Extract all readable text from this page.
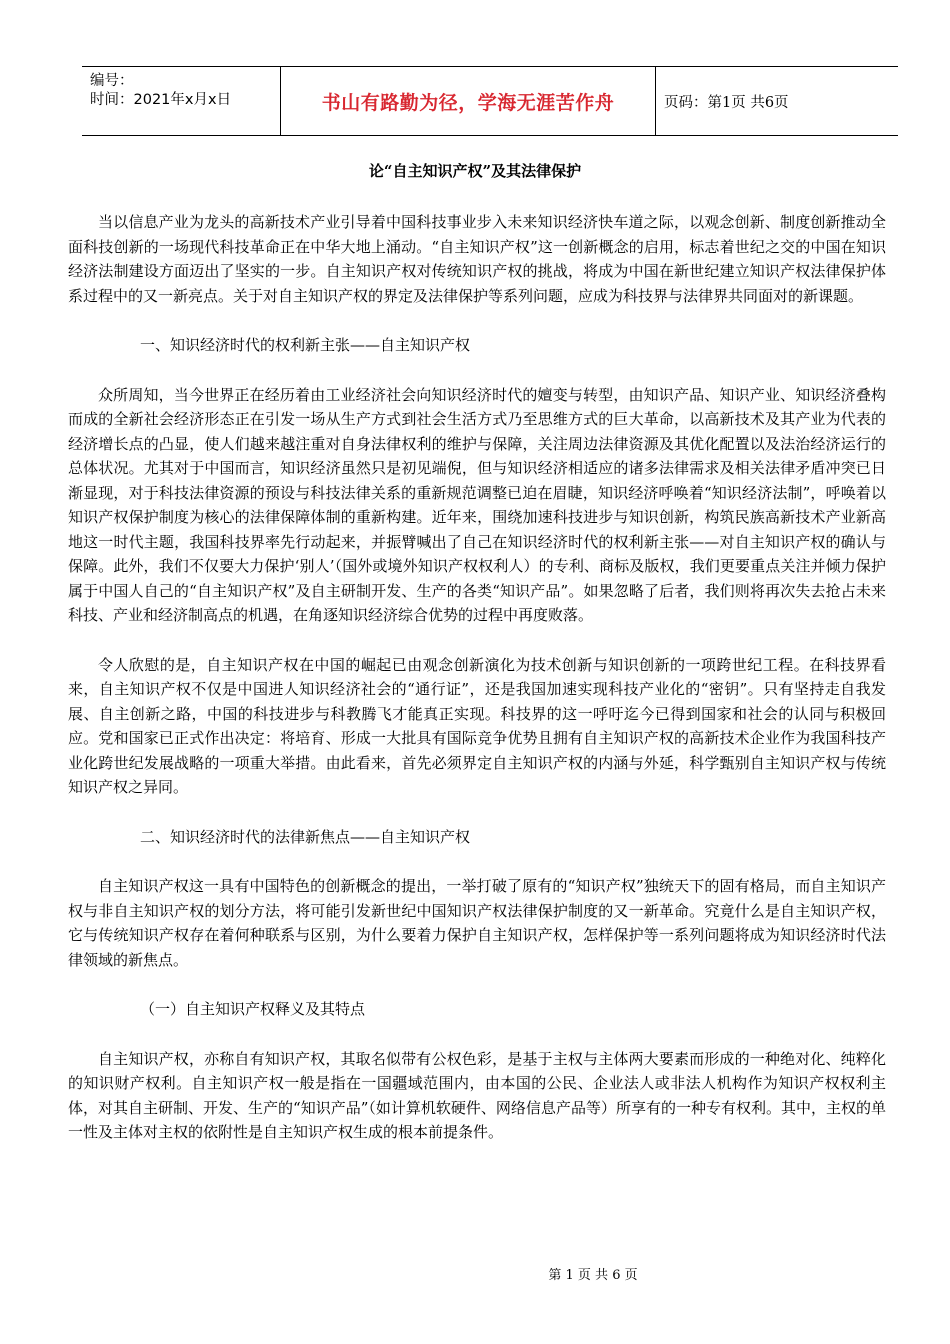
编号：
时间：2021年x月x日	书山有路勤为径，学海无涯苦作舟	页码：第1页 共6页
论“自主知识产权”及其法律保护

当以信息产业为龙头的高新技术产业引导着中国科技事业步入未来知识经济快车道之际，以观念创新、制度创新推动全面科技创新的一场现代科技革命正在中华大地上涌动。“自主知识产权”这一创新概念的启用，标志着世纪之交的中国在知识经济法制建设方面迈出了坚实的一步。自主知识产权对传统知识产权的挑战，将成为中国在新世纪建立知识产权法律保护体系过程中的又一新亮点。关于对自主知识产权的界定及法律保护等系列问题，应成为科技界与法律界共同面对的新课题。

一、知识经济时代的权利新主张——自主知识产权

众所周知，当今世界正在经历着由工业经济社会向知识经济时代的嬗变与转型，由知识产品、知识产业、知识经济叠构而成的全新社会经济形态正在引发一场从生产方式到社会生活方式乃至思维方式的巨大革命，以高新技术及其产业为代表的经济增长点的凸显，使人们越来越注重对自身法律权利的维护与保障，关注周边法律资源及其优化配置以及法治经济运行的总体状况。尤其对于中国而言，知识经济虽然只是初见端倪，但与知识经济相适应的诸多法律需求及相关法律矛盾冲突已日渐显现，对于科技法律资源的预设与科技法律关系的重新规范调整已迫在眉睫，知识经济呼唤着“知识经济法制”，呼唤着以知识产权保护制度为核心的法律保障体制的重新构建。近年来，围绕加速科技进步与知识创新，构筑民族高新技术产业新高地这一时代主题，我国科技界率先行动起来，并振臂喊出了自己在知识经济时代的权利新主张——对自主知识产权的确认与保障。此外，我们不仅要大力保护‘别人’（国外或境外知识产权权利人）的专利、商标及版权，我们更要重点关注并倾力保护属于中国人自己的“自主知识产权”及自主研制开发、生产的各类“知识产品”。如果忽略了后者，我们则将再次失去抢占未来科技、产业和经济制高点的机遇，在角逐知识经济综合优势的过程中再度败落。

令人欣慰的是，自主知识产权在中国的崛起已由观念创新演化为技术创新与知识创新的一项跨世纪工程。在科技界看来，自主知识产权不仅是中国进人知识经济社会的“通行证”，还是我国加速实现科技产业化的“密钥”。只有坚持走自我发展、自主创新之路，中国的科技进步与科教腾飞才能真正实现。科技界的这一呼吁迄今已得到国家和社会的认同与积极回应。党和国家已正式作出决定：将培育、形成一大批具有国际竞争优势且拥有自主知识产权的高新技术企业作为我国科技产业化跨世纪发展战略的一项重大举措。由此看来，首先必须界定自主知识产权的内涵与外延，科学甄别自主知识产权与传统知识产权之异同。

二、知识经济时代的法律新焦点——自主知识产权

自主知识产权这一具有中国特色的创新概念的提出，一举打破了原有的“知识产权”独统天下的固有格局，而自主知识产权与非自主知识产权的划分方法，将可能引发新世纪中国知识产权法律保护制度的又一新革命。究竟什么是自主知识产权，它与传统知识产权存在着何种联系与区别，为什么要着力保护自主知识产权，怎样保护等一系列问题将成为知识经济时代法律领域的新焦点。

（一）自主知识产权释义及其特点

自主知识产权，亦称自有知识产权，其取名似带有公权色彩，是基于主权与主体两大要素而形成的一种绝对化、纯粹化的知识财产权利。自主知识产权一般是指在一国疆域范围内，由本国的公民、企业法人或非法人机构作为知识产权权利主体，对其自主研制、开发、生产的“知识产品”（如计算机软硬件、网络信息产品等）所享有的一种专有权利。其中，主权的单一性及主体对主权的依附性是自主知识产权生成的根本前提条件。

第 1 页 共 6 页
